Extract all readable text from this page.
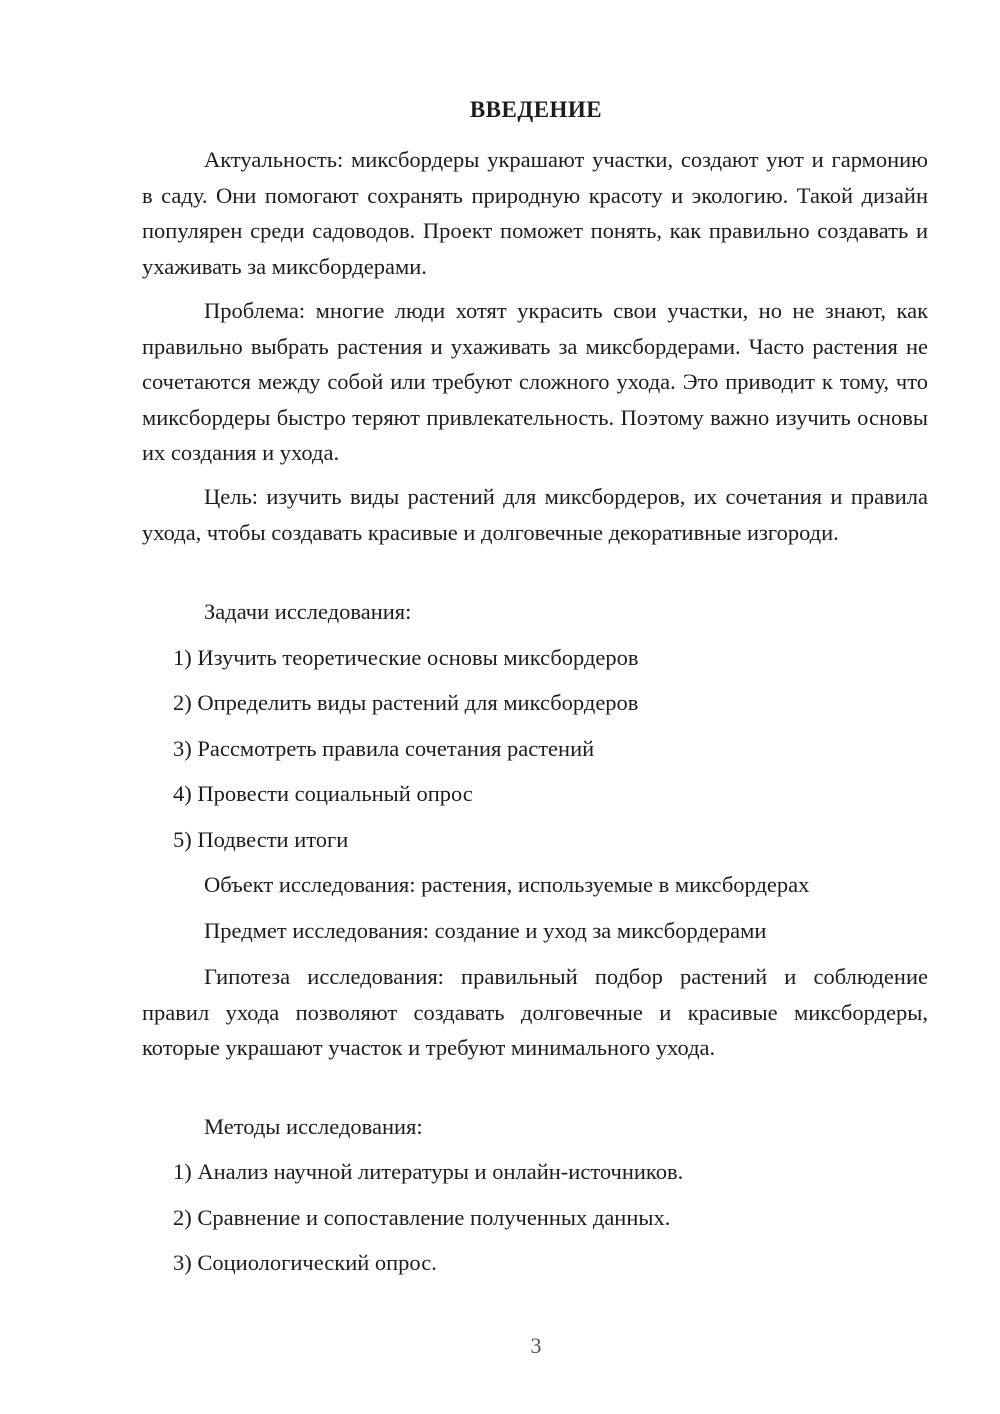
ВВЕДЕНИЕ

Актуальность: миксбордеры украшают участки, создают уют и гармонию в саду. Они помогают сохранять природную красоту и экологию. Такой дизайн популярен среди садоводов. Проект поможет понять, как правильно создавать и ухаживать за миксбордерами.

Проблема: многие люди хотят украсить свои участки, но не знают, как правильно выбрать растения и ухаживать за миксбордерами. Часто растения не сочетаются между собой или требуют сложного ухода. Это приводит к тому, что миксбордеры быстро теряют привлекательность. Поэтому важно изучить основы их создания и ухода.

Цель: изучить виды растений для миксбордеров, их сочетания и правила ухода, чтобы создавать красивые и долговечные декоративные изгороди.

Задачи исследования:

1) Изучить теоретические основы миксбордеров

2) Определить виды растений для миксбордеров

3) Рассмотреть правила сочетания растений

4) Провести социальный опрос

5) Подвести итоги

Объект исследования: растения, используемые в миксбордерах

Предмет исследования: создание и уход за миксбордерами

Гипотеза исследования: правильный подбор растений и соблюдение правил ухода позволяют создавать долговечные и красивые миксбордеры, которые украшают участок и требуют минимального ухода.

Методы исследования:

1) Анализ научной литературы и онлайн-источников.

2) Сравнение и сопоставление полученных данных.

3) Социологический опрос.

3
